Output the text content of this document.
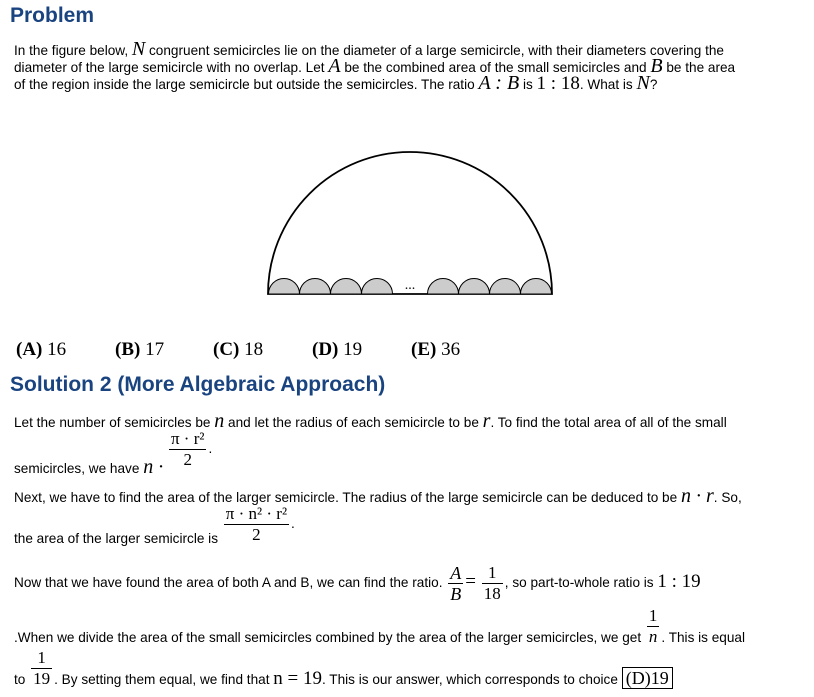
Problem
In the figure below, N congruent semicircles lie on the diameter of a large semicircle, with their diameters covering the
diameter of the large semicircle with no overlap. Let A be the combined area of the small semicircles and B be the area
of the region inside the large semicircle but outside the semicircles. The ratio A : B is 1 : 18. What is N?
...
(A) 16	(B) 17	(C) 18	(D) 19	(E) 36
Solution 2 (More Algebraic Approach)
Let the number of semicircles be n and let the radius of each semicircle to be r. To find the total area of all of the small
semicircles, we have $n \cdot \frac{\text{π · r²}}{2}$ .
Next, we have to find the area of the larger semicircle. The radius of the large semicircle can be deduced to be n · r. So,
the area of the larger semicircle is $\frac{\text{π · n² · r²}}{2}$ .
Now that we have found the area of both A and B, we can find the ratio. $\frac{A}{B} = \frac{1}{18}$ , so part-to-whole ratio is 1 : 19
.When we divide the area of the small semicircles combined by the area of the larger semicircles, we get $\frac{1}{n}$ . This is equal
to $\frac{1}{19}$ . By setting them equal, we find that n = 19. This is our answer, which corresponds to choice (D)19
